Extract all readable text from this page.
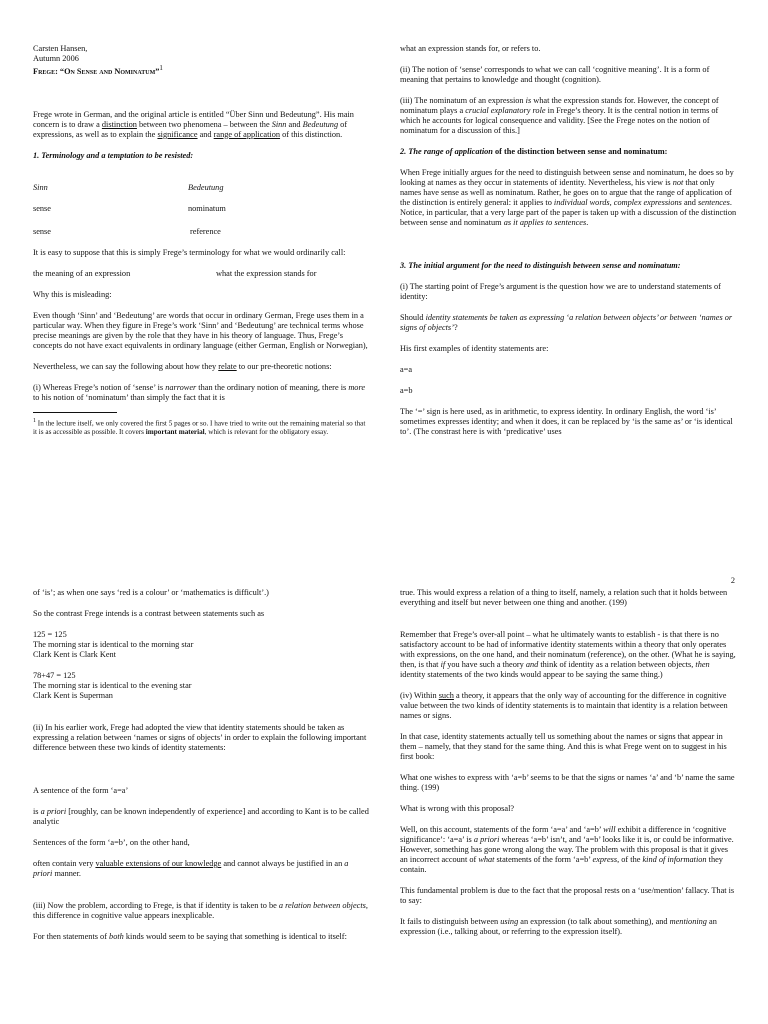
Carsten Hansen,

Autumn 2006

Frege: “On Sense and Nominatum”$^1$

Frege wrote in German, and the original article is entitled “Über Sinn und Bedeutung”. His main concern is to draw a distinction between two phenomena – between the Sinn and Bedeutung of expressions, as well as to explain the significance and range of application of this distinction.

1. Terminology and a temptation to be resisted:

Sinn	Bedeutung
sense	nominatum
sense	reference

It is easy to suppose that this is simply Frege’s terminology for what we would ordinarily call:

the meaning of an expression	what the expression stands for

Why this is misleading:

Even though ‘Sinn’ and ‘Bedeutung’ are words that occur in ordinary German, Frege uses them in a particular way. When they figure in Frege’s work ‘Sinn’ and ‘Bedeutung’ are technical terms whose precise meanings are given by the role that they have in his theory of language. Thus, Frege’s concepts do not have exact equivalents in ordinary language (either German, English or Norwegian),

Nevertheless, we can say the following about how they relate to our pre-theoretic notions:

(i) Whereas Frege’s notion of ‘sense’ is narrower than the ordinary notion of meaning, there is more to his notion of ‘nominatum’ than simply the fact that it is

$^1$ In the lecture itself, we only covered the first 5 pages or so. I have tried to write out the remaining material so that it is as accessible as possible. It covers important material, which is relevant for the obligatory essay.

what an expression stands for, or refers to.

(ii) The notion of ‘sense’ corresponds to what we can call ‘cognitive meaning’. It is a form of meaning that pertains to knowledge and thought (cognition).

(iii) The nominatum of an expression is what the expression stands for. However, the concept of nominatum plays a crucial explanatory role in Frege’s theory. It is the central notion in terms of which he accounts for logical consequence and validity. [See the Frege notes on the notion of nominatum for a discussion of this.]

2. The range of application of the distinction between sense and nominatum:

When Frege initially argues for the need to distinguish between sense and nominatum, he does so by looking at names as they occur in statements of identity. Nevertheless, his view is not that only names have sense as well as nominatum. Rather, he goes on to argue that the range of application of the distinction is entirely general: it applies to individual words, complex expressions and sentences. Notice, in particular, that a very large part of the paper is taken up with a discussion of the distinction between sense and nominatum as it applies to sentences.

3. The initial argument for the need to distinguish between sense and nominatum:

(i) The starting point of Frege’s argument is the question how we are to understand statements of identity:

Should identity statements be taken as expressing ‘a relation between objects’ or between ‘names or signs of objects’?

His first examples of identity statements are:

a=a

a=b

The ‘=’ sign is here used, as in arithmetic, to express identity. In ordinary English, the word ‘is’ sometimes expresses identity; and when it does, it can be replaced by ‘is the same as’ or ‘is identical to’. (The constrast here is with ‘predicative’ uses

2

of ‘is’; as when one says ‘red is a colour’ or ‘mathematics is difficult’.)

So the contrast Frege intends is a contrast between statements such as

125 = 125

The morning star is identical to the morning star

Clark Kent is Clark Kent

78+47 = 125

The morning star is identical to the evening star

Clark Kent is Superman

(ii) In his earlier work, Frege had adopted the view that identity statements should be taken as expressing a relation between ‘names or signs of objects’ in order to explain the following important difference between these two kinds of identity statements:

A sentence of the form ‘a=a’

is a priori [roughly, can be known independently of experience] and according to Kant is to be called analytic

Sentences of the form ‘a=b’, on the other hand,

often contain very valuable extensions of our knowledge and cannot always be justified in an a priori manner.

(iii) Now the problem, according to Frege, is that if identity is taken to be a relation between objects, this difference in cognitive value appears inexplicable.

For then statements of both kinds would seem to be saying that something is identical to itself:

true. This would express a relation of a thing to itself, namely, a relation such that it holds between everything and itself but never between one thing and another. (199)

Remember that Frege’s over-all point – what he ultimately wants to establish - is that there is no satisfactory account to be had of informative identity statements within a theory that only operates with expressions, on the one hand, and their nominatum (reference), on the other. (What he is saying, then, is that if you have such a theory and think of identity as a relation between objects, then identity statements of the two kinds would appear to be saying the same thing.)

(iv) Within such a theory, it appears that the only way of accounting for the difference in cognitive value between the two kinds of identity statements is to maintain that identity is a relation between names or signs.

In that case, identity statements actually tell us something about the names or signs that appear in them – namely, that they stand for the same thing. And this is what Frege went on to suggest in his first book:

What one wishes to express with ‘a=b’ seems to be that the signs or names ‘a’ and ‘b’ name the same thing. (199)

What is wrong with this proposal?

Well, on this account, statements of the form ‘a=a’ and ‘a=b’ will exhibit a difference in ‘cognitive significance’: ‘a=a’ is a priori whereas ‘a=b’ isn’t, and ‘a=b’ looks like it is, or could be informative. However, something has gone wrong along the way. The problem with this proposal is that it gives an incorrect account of what statements of the form ‘a=b’ express, of the kind of information they contain.

This fundamental problem is due to the fact that the proposal rests on a ‘use/mention’ fallacy. That is to say:

It fails to distinguish between using an expression (to talk about something), and mentioning an expression (i.e., talking about, or referring to the expression itself).
